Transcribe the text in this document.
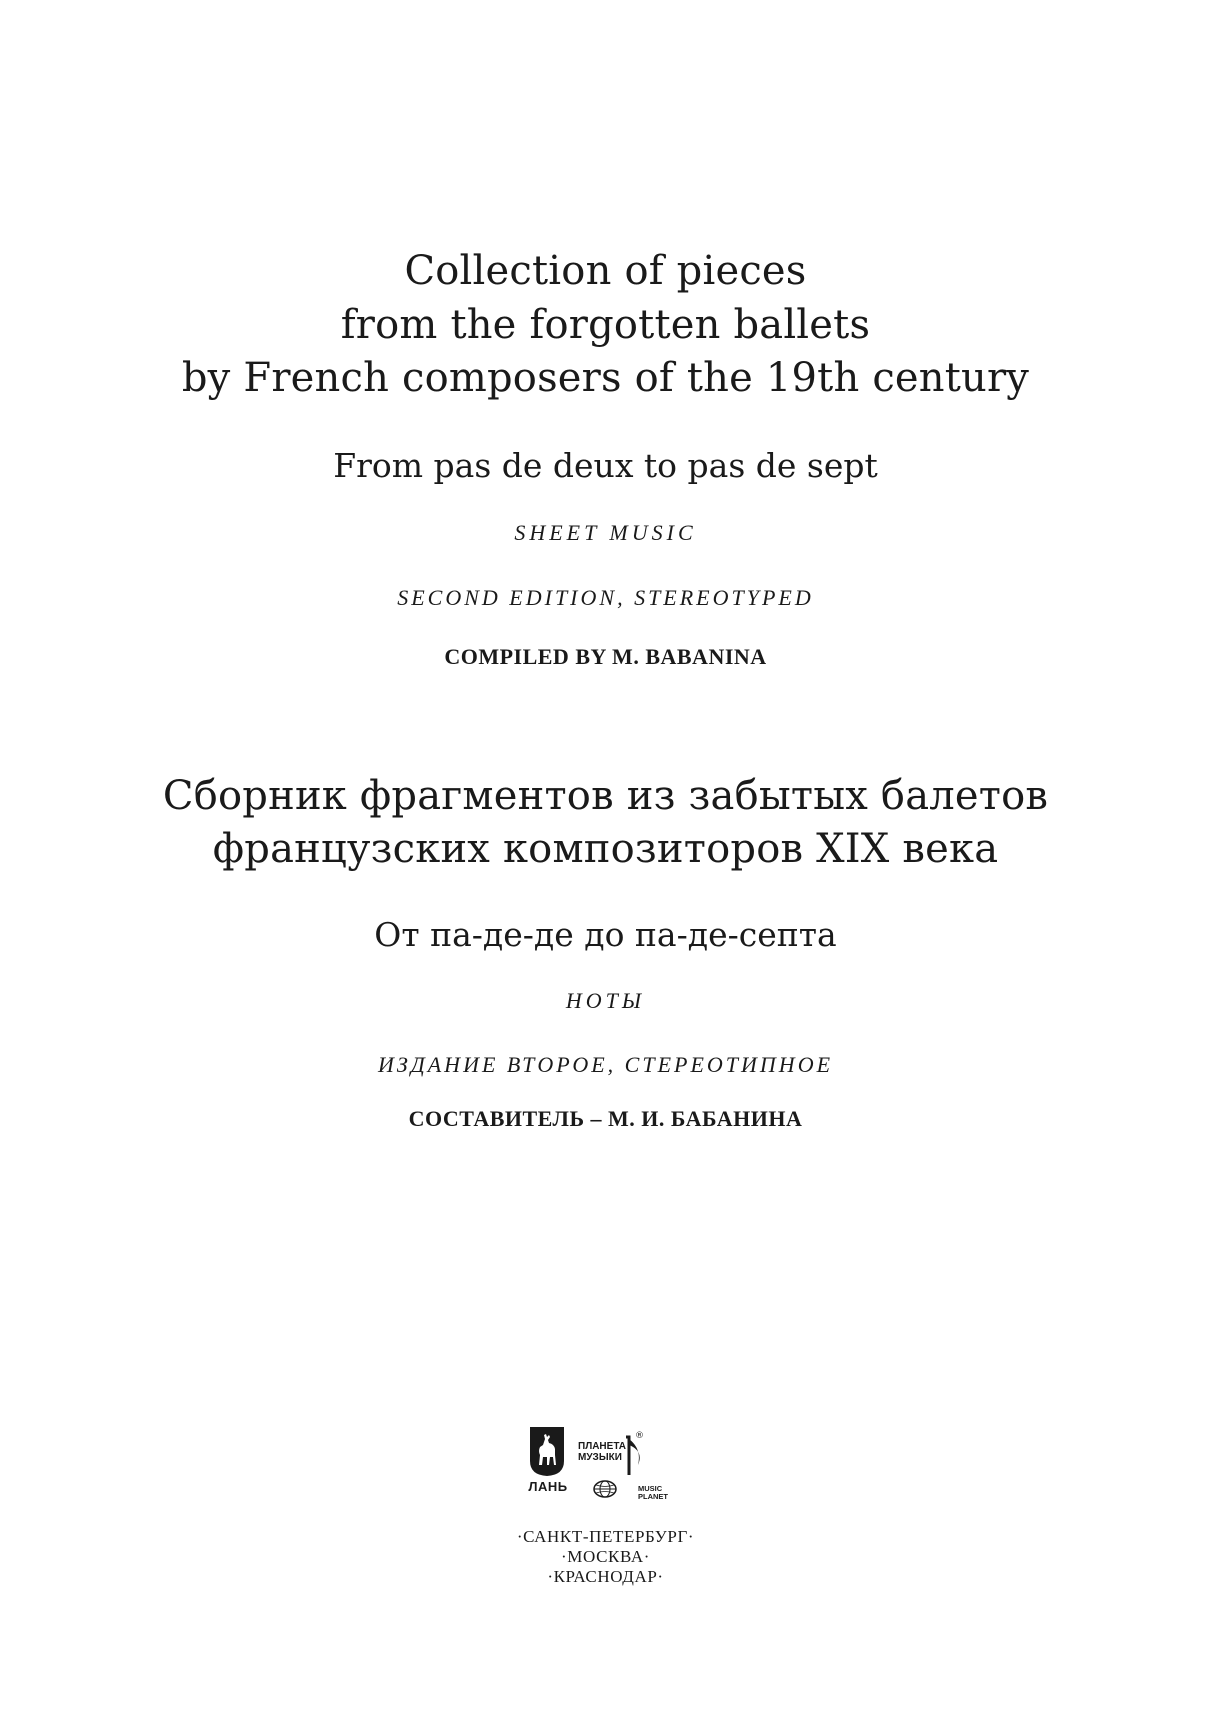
Collection of pieces
from the forgotten ballets
by French composers of the 19th century
From pas de deux to pas de sept
SHEET MUSIC
SECOND EDITION, STEREOTYPED
COMPILED BY M. BABANINA
Сборник фрагментов из забытых балетов
французских композиторов XIX века
От па-де-де до па-де-септа
НОТЫ
ИЗДАНИЕ ВТОРОЕ, СТЕРЕОТИПНОЕ
СОСТАВИТЕЛЬ – М. И. БАБАНИНА
ЛАНЬ
ПЛАНЕТА
МУЗЫКИ
®
MUSIC
PLANET
·САНКТ-ПЕТЕРБУРГ·
·МОСКВА·
·КРАСНОДАР·
